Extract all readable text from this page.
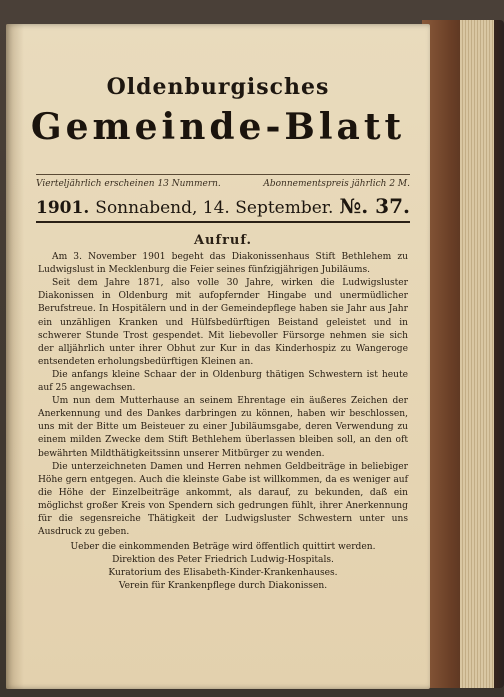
Oldenburgisches
Gemeinde-Blatt
Vierteljährlich erscheinen 13 Nummern.	Abonnementspreis jährlich 2 M.
1901. Sonnabend, 14. September. №. 37.
Aufruf.

Am 3. November 1901 begeht das Diakonissenhaus Stift Bethlehem zu Ludwigslust in Mecklenburg die Feier seines fünfzigjährigen Jubiläums.

Seit dem Jahre 1871, also volle 30 Jahre, wirken die Ludwigsluster Diakonissen in Oldenburg mit aufopfernder Hingabe und unermüdlicher Berufstreue. In Hospitälern und in der Gemeindepflege haben sie Jahr aus Jahr ein unzähligen Kranken und Hülfsbedürftigen Beistand geleistet und in schwerer Stunde Trost gespendet. Mit liebevoller Fürsorge nehmen sie sich der alljährlich unter ihrer Obhut zur Kur in das Kinderhospiz zu Wangeroge entsendeten erholungsbedürftigen Kleinen an.

Die anfangs kleine Schaar der in Oldenburg thätigen Schwestern ist heute auf 25 angewachsen.

Um nun dem Mutterhause an seinem Ehrentage ein äußeres Zeichen der Anerkennung und des Dankes darbringen zu können, haben wir beschlossen, uns mit der Bitte um Beisteuer zu einer Jubiläumsgabe, deren Verwendung zu einem milden Zwecke dem Stift Bethlehem überlassen bleiben soll, an den oft bewährten Mildthätigkeitssinn unserer Mitbürger zu wenden.

Die unterzeichneten Damen und Herren nehmen Geldbeiträge in beliebiger Höhe gern entgegen. Auch die kleinste Gabe ist willkommen, da es weniger auf die Höhe der Einzelbeiträge ankommt, als darauf, zu bekunden, daß ein möglichst großer Kreis von Spendern sich gedrungen fühlt, ihrer Anerkennung für die segensreiche Thätigkeit der Ludwigsluster Schwestern unter uns Ausdruck zu geben.

Ueber die einkommenden Beträge wird öffentlich quittirt werden.
Direktion des Peter Friedrich Ludwig-Hospitals.
Kuratorium des Elisabeth-Kinder-Krankenhauses.
Verein für Krankenpflege durch Diakonissen.
